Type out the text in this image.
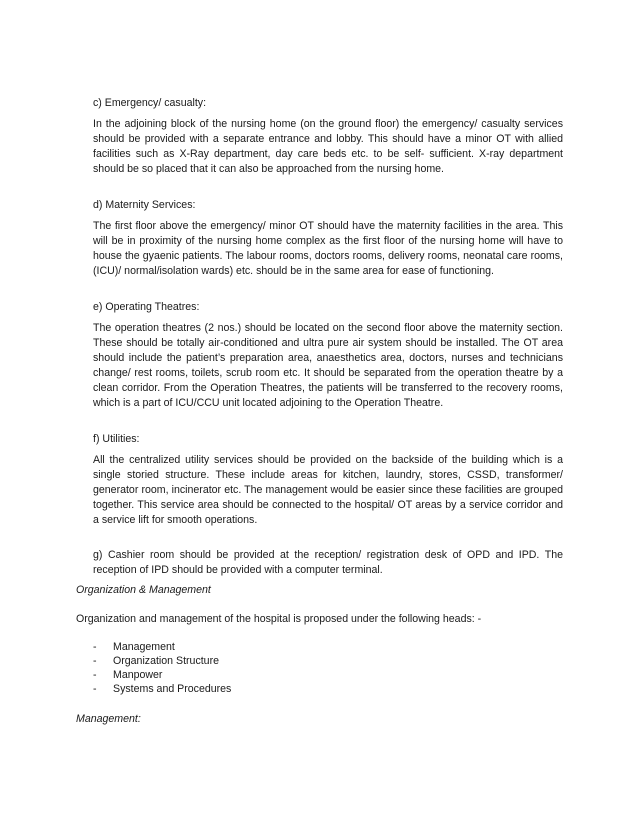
c) Emergency/ casualty:

In the adjoining block of the nursing home (on the ground floor) the emergency/ casualty services should be provided with a separate entrance and lobby. This should have a minor OT with allied facilities such as X-Ray department, day care beds etc. to be self- sufficient. X-ray department should be so placed that it can also be approached from the nursing home.

d) Maternity Services:

The first floor above the emergency/ minor OT should have the maternity facilities in the area. This will be in proximity of the nursing home complex as the first floor of the nursing home will have to house the gyaenic patients. The labour rooms, doctors rooms, delivery rooms, neonatal care rooms, (ICU)/ normal/isolation wards) etc. should be in the same area for ease of functioning.

e) Operating Theatres:

The operation theatres (2 nos.) should be located on the second floor above the maternity section. These should be totally air-conditioned and ultra pure air system should be installed. The OT area should include the patient’s preparation area, anaesthetics area, doctors, nurses and technicians change/ rest rooms, toilets, scrub room etc. It should be separated from the operation theatre by a clean corridor. From the Operation Theatres, the patients will be transferred to the recovery rooms, which is a part of ICU/CCU unit located adjoining to the Operation Theatre.

f) Utilities:

All the centralized utility services should be provided on the backside of the building which is a single storied structure. These include areas for kitchen, laundry, stores, CSSD, transformer/ generator room, incinerator etc. The management would be easier since these facilities are grouped together. This service area should be connected to the hospital/ OT areas by a service corridor and a service lift for smooth operations.

g) Cashier room should be provided at the reception/ registration desk of OPD and IPD. The reception of IPD should be provided with a computer terminal.

Organization & Management
Organization and management of the hospital is proposed under the following heads: -
-	Management
-	Organization Structure
-	Manpower
-	Systems and Procedures
Management:
